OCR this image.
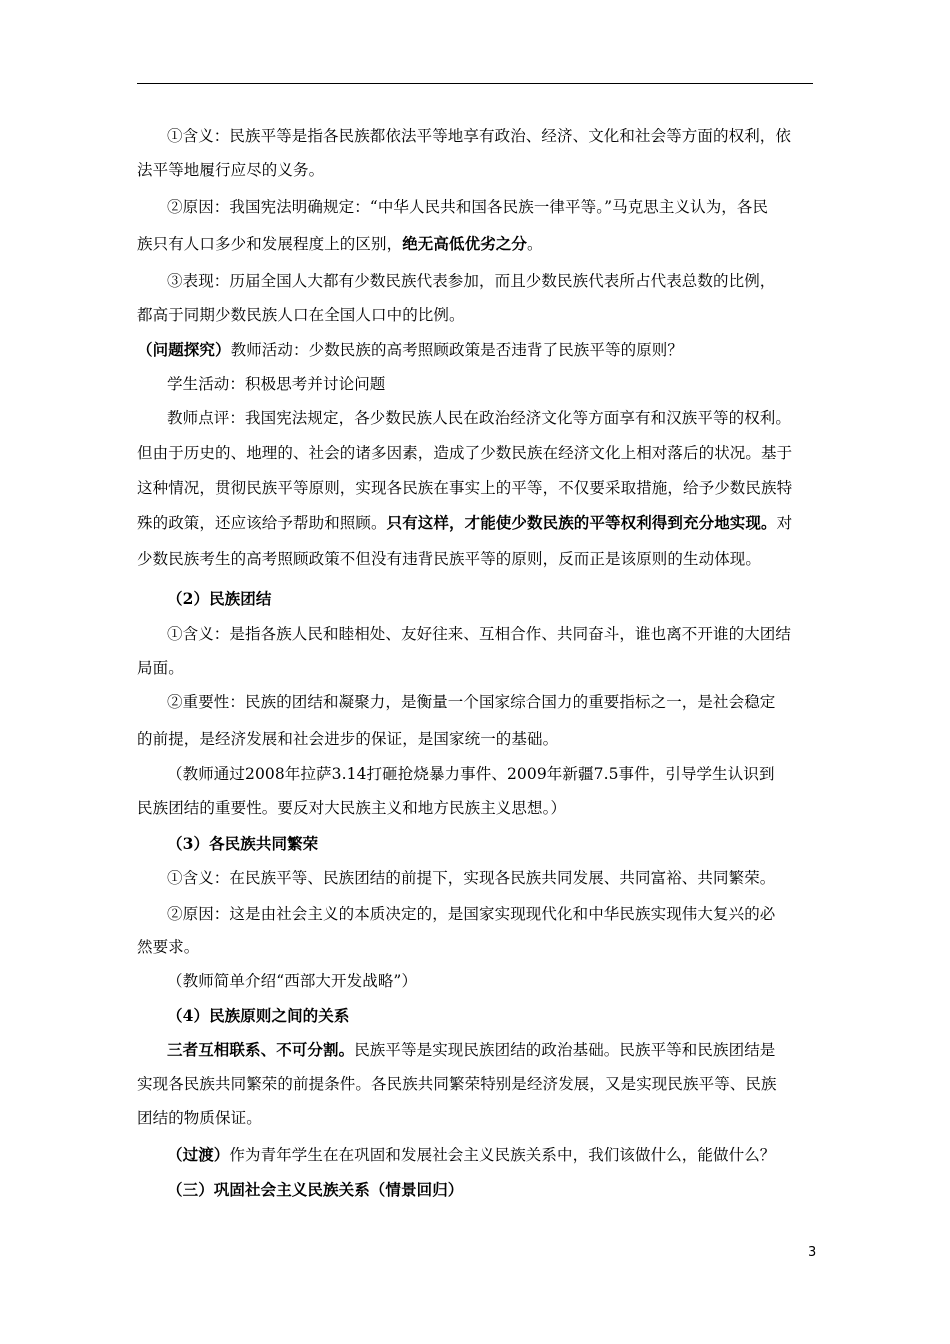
①含义：民族平等是指各民族都依法平等地享有政治、经济、文化和社会等方面的权利，依
法平等地履行应尽的义务。
②原因：我国宪法明确规定：“中华人民共和国各民族一律平等。”马克思主义认为，各民
族只有人口多少和发展程度上的区别，绝无高低优劣之分。
③表现：历届全国人大都有少数民族代表参加，而且少数民族代表所占代表总数的比例，
都高于同期少数民族人口在全国人口中的比例。
（问题探究）教师活动：少数民族的高考照顾政策是否违背了民族平等的原则？
学生活动：积极思考并讨论问题
教师点评：我国宪法规定，各少数民族人民在政治经济文化等方面享有和汉族平等的权利。
但由于历史的、地理的、社会的诸多因素，造成了少数民族在经济文化上相对落后的状况。基于
这种情况，贯彻民族平等原则，实现各民族在事实上的平等，不仅要采取措施，给予少数民族特
殊的政策，还应该给予帮助和照顾。只有这样，才能使少数民族的平等权利得到充分地实现。对
少数民族考生的高考照顾政策不但没有违背民族平等的原则，反而正是该原则的生动体现。
（2）民族团结
①含义：是指各族人民和睦相处、友好往来、互相合作、共同奋斗，谁也离不开谁的大团结
局面。
②重要性：民族的团结和凝聚力，是衡量一个国家综合国力的重要指标之一，是社会稳定
的前提，是经济发展和社会进步的保证，是国家统一的基础。
（教师通过2008年拉萨3.14打砸抢烧暴力事件、2009年新疆7.5事件，引导学生认识到
民族团结的重要性。要反对大民族主义和地方民族主义思想。）
（3）各民族共同繁荣
①含义：在民族平等、民族团结的前提下，实现各民族共同发展、共同富裕、共同繁荣。
②原因：这是由社会主义的本质决定的，是国家实现现代化和中华民族实现伟大复兴的必
然要求。
（教师简单介绍“西部大开发战略”）
（4）民族原则之间的关系
三者互相联系、不可分割。民族平等是实现民族团结的政治基础。民族平等和民族团结是
实现各民族共同繁荣的前提条件。各民族共同繁荣特别是经济发展，又是实现民族平等、民族
团结的物质保证。
（过渡）作为青年学生在在巩固和发展社会主义民族关系中，我们该做什么，能做什么？
（三）巩固社会主义民族关系（情景回归）
3
